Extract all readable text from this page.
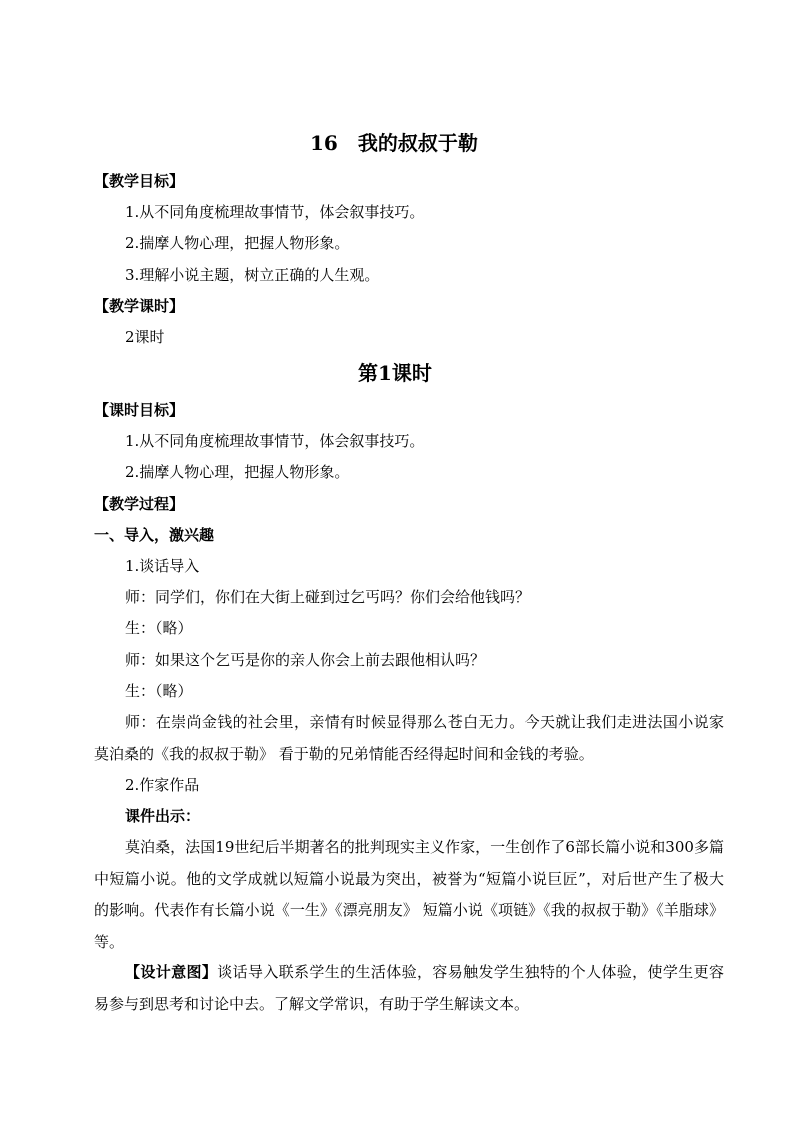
16　我的叔叔于勒
【教学目标】
1.从不同角度梳理故事情节，体会叙事技巧。
2.揣摩人物心理，把握人物形象。
3.理解小说主题，树立正确的人生观。
【教学课时】
2课时
第1课时
【课时目标】
1.从不同角度梳理故事情节，体会叙事技巧。
2.揣摩人物心理，把握人物形象。
【教学过程】
一、导入，激兴趣
1.谈话导入
师：同学们，你们在大街上碰到过乞丐吗？你们会给他钱吗？
生：（略）
师：如果这个乞丐是你的亲人你会上前去跟他相认吗？
生：（略）
师：在崇尚金钱的社会里，亲情有时候显得那么苍白无力。今天就让我们走进法国小说家莫泊桑的《我的叔叔于勒》 看于勒的兄弟情能否经得起时间和金钱的考验。
2.作家作品
课件出示：
莫泊桑，法国19世纪后半期著名的批判现实主义作家，一生创作了6部长篇小说和300多篇中短篇小说。他的文学成就以短篇小说最为突出，被誉为“短篇小说巨匠”，对后世产生了极大的影响。代表作有长篇小说《一生》《漂亮朋友》 短篇小说《项链》《我的叔叔于勒》《羊脂球》等。
【设计意图】谈话导入联系学生的生活体验，容易触发学生独特的个人体验，使学生更容易参与到思考和讨论中去。了解文学常识，有助于学生解读文本。
